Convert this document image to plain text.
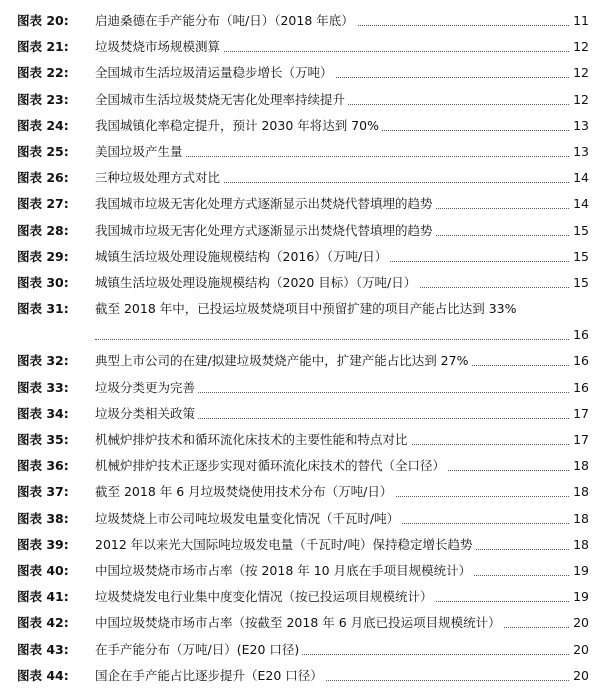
图表 20:	启迪桑德在手产能分布（吨/日）（2018 年底）	11
图表 21:	垃圾焚烧市场规模测算	12
图表 22:	全国城市生活垃圾清运量稳步增长（万吨）	12
图表 23:	全国城市生活垃圾焚烧无害化处理率持续提升	12
图表 24:	我国城镇化率稳定提升，预计 2030 年将达到 70%	13
图表 25:	美国垃圾产生量	13
图表 26:	三种垃圾处理方式对比	14
图表 27:	我国城市垃圾无害化处理方式逐渐显示出焚烧代替填埋的趋势	14
图表 28:	我国城市垃圾无害化处理方式逐渐显示出焚烧代替填埋的趋势	15
图表 29:	城镇生活垃圾处理设施规模结构（2016）（万吨/日）	15
图表 30:	城镇生活垃圾处理设施规模结构（2020 目标）（万吨/日）	15
图表 31:	截至 2018 年中，已投运垃圾焚烧项目中预留扩建的项目产能占比达到 33%
16
图表 32:	典型上市公司的在建/拟建垃圾焚烧产能中，扩建产能占比达到 27%	16
图表 33:	垃圾分类更为完善	16
图表 34:	垃圾分类相关政策	17
图表 35:	机械炉排炉技术和循环流化床技术的主要性能和特点对比	17
图表 36:	机械炉排炉技术正逐步实现对循环流化床技术的替代（全口径）	18
图表 37:	截至 2018 年 6 月垃圾焚烧使用技术分布（万吨/日）	18
图表 38:	垃圾焚烧上市公司吨垃圾发电量变化情况（千瓦时/吨）	18
图表 39:	2012 年以来光大国际吨垃圾发电量（千瓦时/吨）保持稳定增长趋势	18
图表 40:	中国垃圾焚烧市场市占率（按 2018 年 10 月底在手项目规模统计）	19
图表 41:	垃圾焚烧发电行业集中度变化情况（按已投运项目规模统计）	19
图表 42:	中国垃圾焚烧市场市占率（按截至 2018 年 6 月底已投运项目规模统计）	20
图表 43:	在手产能分布（万吨/日）(E20 口径)	20
图表 44:	国企在手产能占比逐步提升（E20 口径）	20
